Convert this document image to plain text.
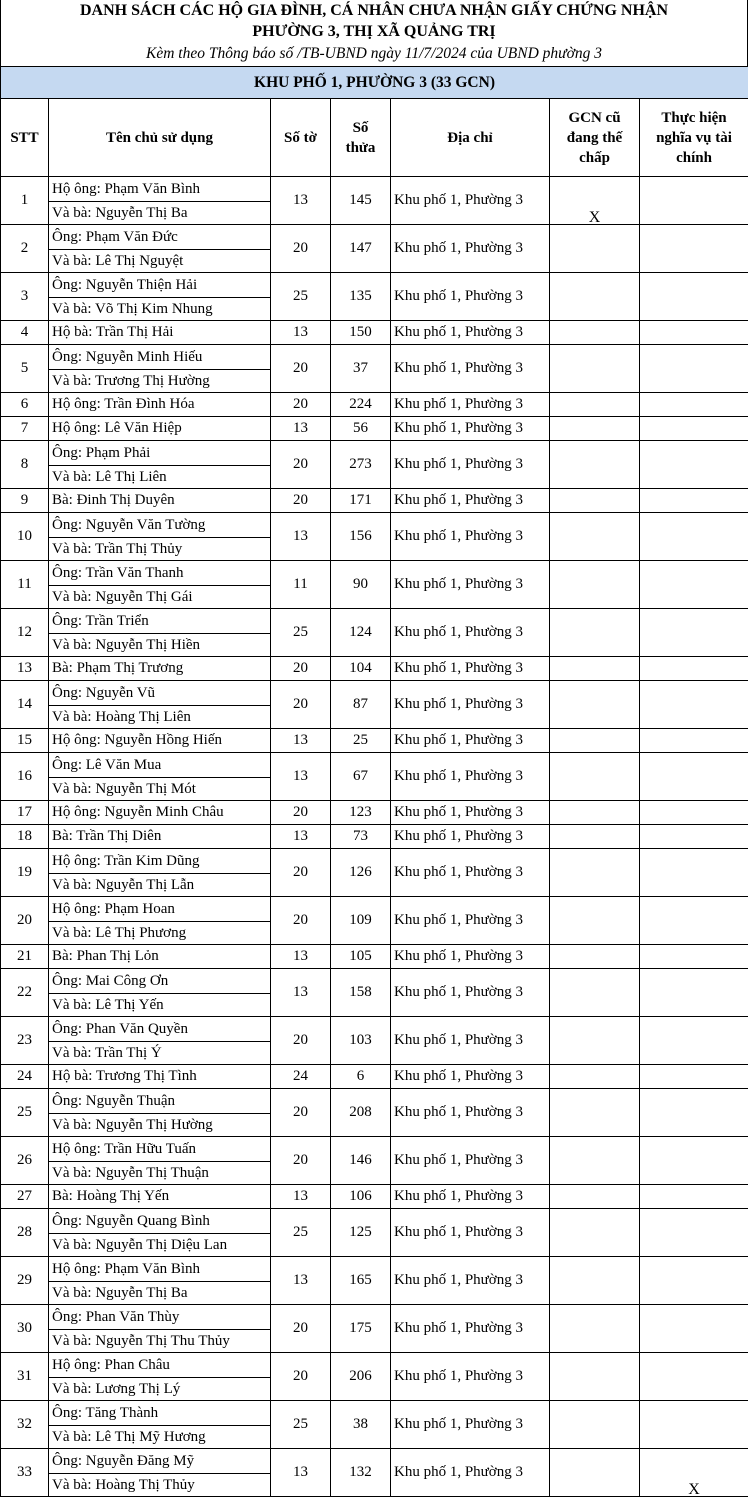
DANH SÁCH CÁC HỘ GIA ĐÌNH, CÁ NHÂN CHƯA NHẬN GIẤY CHỨNG NHẬN
PHƯỜNG 3, THỊ XÃ QUẢNG TRỊ
Kèm theo Thông báo số /TB-UBND ngày 11/7/2024 của UBND phường 3
KHU PHỐ 1, PHƯỜNG 3 (33 GCN)						
STT	Tên chủ sử dụng	Số tờ	Số thửa	Địa chỉ	GCN cũ đang thế chấp	Thực hiện nghĩa vụ tài chính
1	Hộ ông: Phạm Văn Bình
Và bà: Nguyễn Thị Ba	13	145	Khu phố 1, Phường 3	X	

2	Ông: Phạm Văn Đức
Và bà: Lê Thị Nguyệt	20	147	Khu phố 1, Phường 3		
3	Ông: Nguyễn Thiện Hải
Và bà: Võ Thị Kim Nhung	25	135	Khu phố 1, Phường 3		
4	Hộ bà: Trần Thị Hải	13	150	Khu phố 1, Phường 3		
5	Ông: Nguyễn Minh Hiếu
Và bà: Trương Thị Hường	20	37	Khu phố 1, Phường 3		
6	Hộ ông: Trần Đình Hóa	20	224	Khu phố 1, Phường 3		
7	Hộ ông: Lê Văn Hiệp	13	56	Khu phố 1, Phường 3		
8	Ông: Phạm Phải
Và bà: Lê Thị Liên	20	273	Khu phố 1, Phường 3		
9	Bà: Đinh Thị Duyên	20	171	Khu phố 1, Phường 3		
10	Ông: Nguyễn Văn Tường
Và bà: Trần Thị Thủy	13	156	Khu phố 1, Phường 3		
11	Ông: Trần Văn Thanh
Và bà: Nguyễn Thị Gái	11	90	Khu phố 1, Phường 3		
12	Ông: Trần Triển
Và bà: Nguyễn Thị Hiền	25	124	Khu phố 1, Phường 3		
13	Bà: Phạm Thị Trương	20	104	Khu phố 1, Phường 3		
14	Ông: Nguyễn Vũ
Và bà: Hoàng Thị Liên	20	87	Khu phố 1, Phường 3		
15	Hộ ông: Nguyễn Hồng Hiến	13	25	Khu phố 1, Phường 3		
16	Ông: Lê Văn Mua
Và bà: Nguyễn Thị Mót	13	67	Khu phố 1, Phường 3		
17	Hộ ông: Nguyễn Minh Châu	20	123	Khu phố 1, Phường 3		
18	Bà: Trần Thị Diên	13	73	Khu phố 1, Phường 3		
19	Hộ ông: Trần Kim Dũng
Và bà: Nguyễn Thị Lẫn	20	126	Khu phố 1, Phường 3		
20	Hộ ông: Phạm Hoan
Và bà: Lê Thị Phương	20	109	Khu phố 1, Phường 3		
21	Bà: Phan Thị Lỏn	13	105	Khu phố 1, Phường 3		
22	Ông: Mai Công Ơn
Và bà: Lê Thị Yến	13	158	Khu phố 1, Phường 3		
23	Ông: Phan Văn Quyền
Và bà: Trần Thị Ý	20	103	Khu phố 1, Phường 3		
24	Hộ bà: Trương Thị Tình	24	6	Khu phố 1, Phường 3		
25	Ông: Nguyễn Thuận
Và bà: Nguyễn Thị Hường	20	208	Khu phố 1, Phường 3		
26	Hộ ông: Trần Hữu Tuấn
Và bà: Nguyễn Thị Thuận	20	146	Khu phố 1, Phường 3		
27	Bà: Hoàng Thị Yến	13	106	Khu phố 1, Phường 3		
28	Ông: Nguyễn Quang Bình
Và bà: Nguyễn Thị Diệu Lan	25	125	Khu phố 1, Phường 3		
29	Hộ ông: Phạm Văn Bình
Và bà: Nguyễn Thị Ba	13	165	Khu phố 1, Phường 3		
30	Ông: Phan Văn Thùy
Và bà: Nguyễn Thị Thu Thủy	20	175	Khu phố 1, Phường 3		
31	Hộ ông: Phan Châu
Và bà: Lương Thị Lý	20	206	Khu phố 1, Phường 3		
32	Ông: Tăng Thành
Và bà: Lê Thị Mỹ Hương	25	38	Khu phố 1, Phường 3		
33	Ông: Nguyễn Đăng Mỹ
Và bà: Hoàng Thị Thủy	13	132	Khu phố 1, Phường 3		X
